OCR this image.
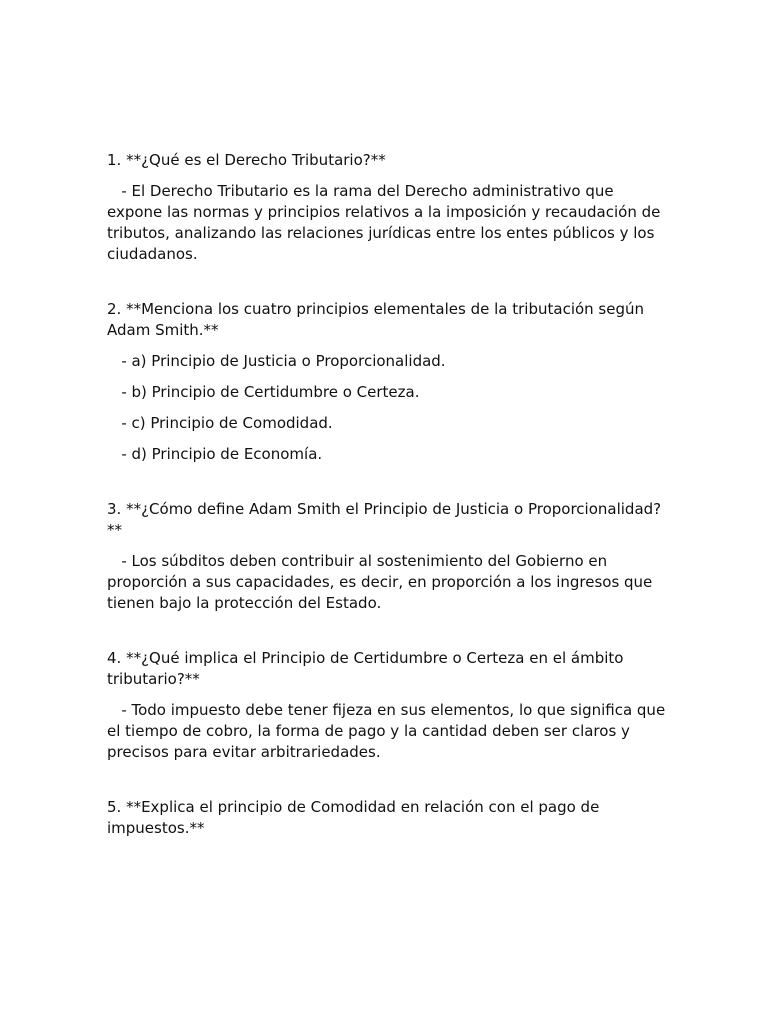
1. **¿Qué es el Derecho Tributario?**

- El Derecho Tributario es la rama del Derecho administrativo que expone las normas y principios relativos a la imposición y recaudación de tributos, analizando las relaciones jurídicas entre los entes públicos y los ciudadanos.

2. **Menciona los cuatro principios elementales de la tributación según Adam Smith.**

- a) Principio de Justicia o Proporcionalidad.

- b) Principio de Certidumbre o Certeza.

- c) Principio de Comodidad.

- d) Principio de Economía.

3. **¿Cómo define Adam Smith el Principio de Justicia o Proporcionalidad?**

- Los súbditos deben contribuir al sostenimiento del Gobierno en proporción a sus capacidades, es decir, en proporción a los ingresos que tienen bajo la protección del Estado.

4. **¿Qué implica el Principio de Certidumbre o Certeza en el ámbito tributario?**

- Todo impuesto debe tener fijeza en sus elementos, lo que significa que el tiempo de cobro, la forma de pago y la cantidad deben ser claros y precisos para evitar arbitrariedades.

5. **Explica el principio de Comodidad en relación con el pago de impuestos.**
